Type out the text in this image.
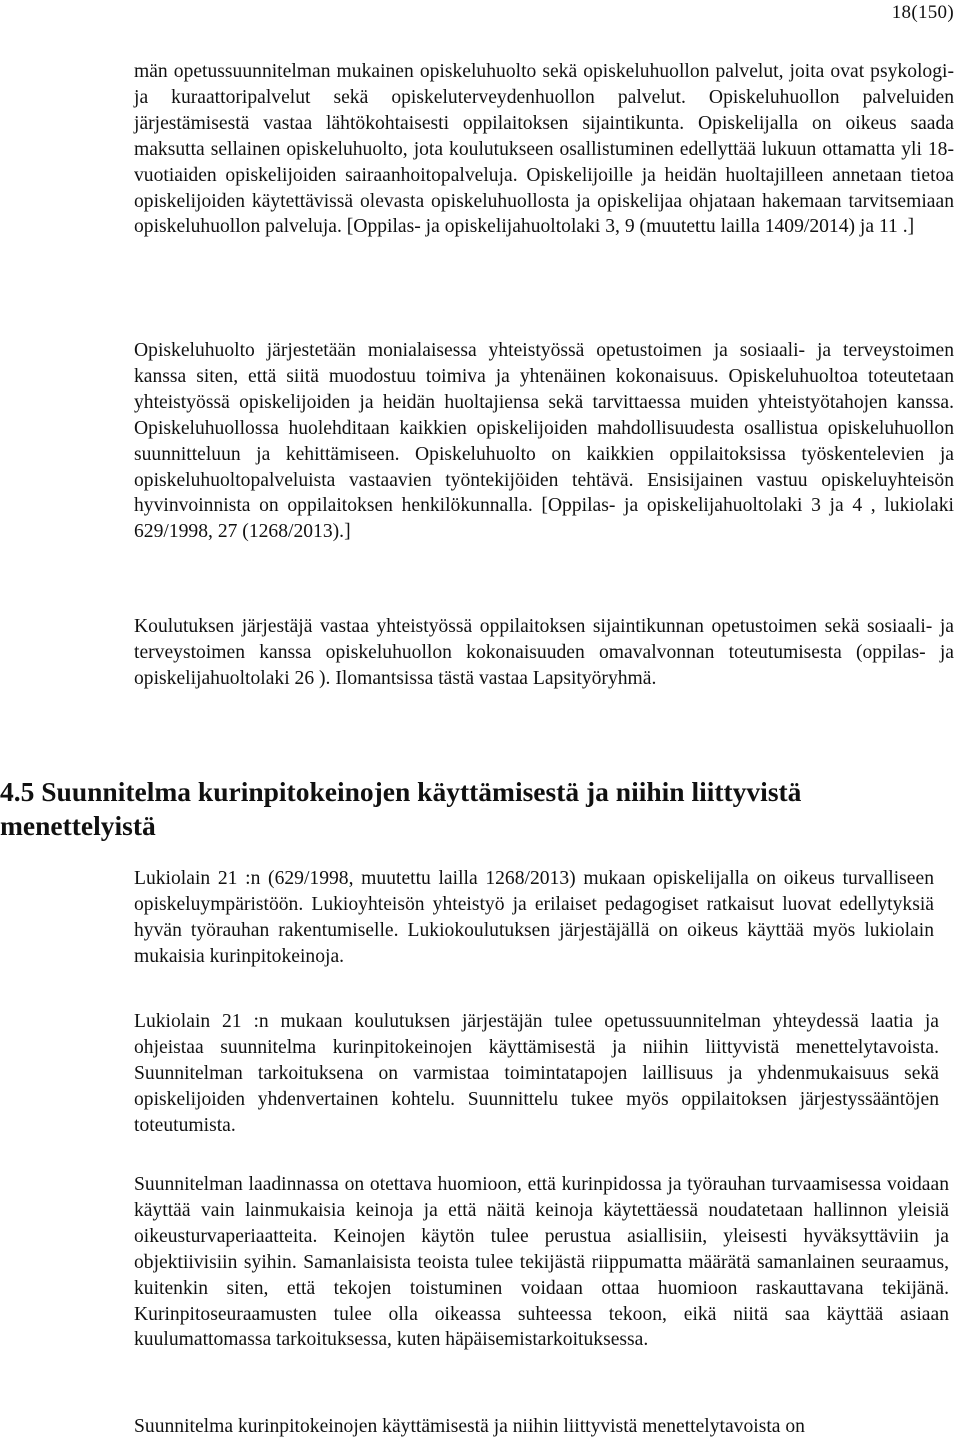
18(150)

män opetussuunnitelman mukainen opiskeluhuolto sekä opiskeluhuollon palvelut, joita ovat psykologi- ja kuraattoripalvelut sekä opiskeluterveydenhuollon palvelut. Opiskeluhuollon palveluiden järjestämisestä vastaa lähtökohtaisesti oppilaitoksen sijaintikunta. Opiskelijalla on oikeus saada maksutta sellainen opiskeluhuolto, jota koulutukseen osallistuminen edellyttää lukuun ottamatta yli 18-vuotiaiden opiskelijoiden sairaanhoitopalveluja. Opiskelijoille ja heidän huoltajilleen annetaan tietoa opiskelijoiden käytettävissä olevasta opiskeluhuollosta ja opiskelijaa ohjataan hakemaan tarvitsemiaan opiskeluhuollon palveluja. [Oppilas- ja opiskelijahuoltolaki 3, 9 (muutettu lailla 1409/2014) ja 11 .]

Opiskeluhuolto järjestetään monialaisessa yhteistyössä opetustoimen ja sosiaali- ja terveystoimen kanssa siten, että siitä muodostuu toimiva ja yhtenäinen kokonaisuus. Opiskeluhuoltoa toteutetaan yhteistyössä opiskelijoiden ja heidän huoltajiensa sekä tarvittaessa muiden yhteistyötahojen kanssa. Opiskeluhuollossa huolehditaan kaikkien opiskelijoiden mahdollisuudesta osallistua opiskeluhuollon suunnitteluun ja kehittämiseen. Opiskeluhuolto on kaikkien oppilaitoksissa työskentelevien ja opiskeluhuoltopalveluista vastaavien työntekijöiden tehtävä. Ensisijainen vastuu opiskeluyhteisön hyvinvoinnista on oppilaitoksen henkilökunnalla. [Oppilas- ja opiskelijahuoltolaki 3 ja 4 , lukiolaki 629/1998, 27 (1268/2013).]

Koulutuksen järjestäjä vastaa yhteistyössä oppilaitoksen sijaintikunnan opetustoimen sekä sosiaali- ja terveystoimen kanssa opiskeluhuollon kokonaisuuden omavalvonnan toteutumisesta (oppilas- ja opiskelijahuoltolaki 26 ). Ilomantsissa tästä vastaa Lapsityöryhmä.

4.5 Suunnitelma kurinpitokeinojen käyttämisestä ja niihin liittyvistä menettelyistä

Lukiolain 21 :n (629/1998, muutettu lailla 1268/2013) mukaan opiskelijalla on oikeus turvalliseen opiskeluympäristöön. Lukioyhteisön yhteistyö ja erilaiset pedagogiset ratkaisut luovat edellytyksiä hyvän työrauhan rakentumiselle. Lukiokoulutuksen järjestäjällä on oikeus käyttää myös lukiolain mukaisia kurinpitokeinoja.

Lukiolain 21 :n mukaan koulutuksen järjestäjän tulee opetussuunnitelman yhteydessä laatia ja ohjeistaa suunnitelma kurinpitokeinojen käyttämisestä ja niihin liittyvistä menettelytavoista. Suunnitelman tarkoituksena on varmistaa toimintatapojen laillisuus ja yhdenmukaisuus sekä opiskelijoiden yhdenvertainen kohtelu. Suunnittelu tukee myös oppilaitoksen järjestyssääntöjen toteutumista.

Suunnitelman laadinnassa on otettava huomioon, että kurinpidossa ja työrauhan turvaamisessa voidaan käyttää vain lainmukaisia keinoja ja että näitä keinoja käytettäessä noudatetaan hallinnon yleisiä oikeusturvaperiaatteita. Keinojen käytön tulee perustua asiallisiin, yleisesti hyväksyttäviin ja objektiivisiin syihin. Samanlaisista teoista tulee tekijästä riippumatta määrätä samanlainen seuraamus, kuitenkin siten, että tekojen toistuminen voidaan ottaa huomioon raskauttavana tekijänä. Kurinpitoseuraamusten tulee olla oikeassa suhteessa tekoon, eikä niitä saa käyttää asiaan kuulumattomassa tarkoituksessa, kuten häpäisemistarkoituksessa.

Suunnitelma kurinpitokeinojen käyttämisestä ja niihin liittyvistä menettelytavoista on
